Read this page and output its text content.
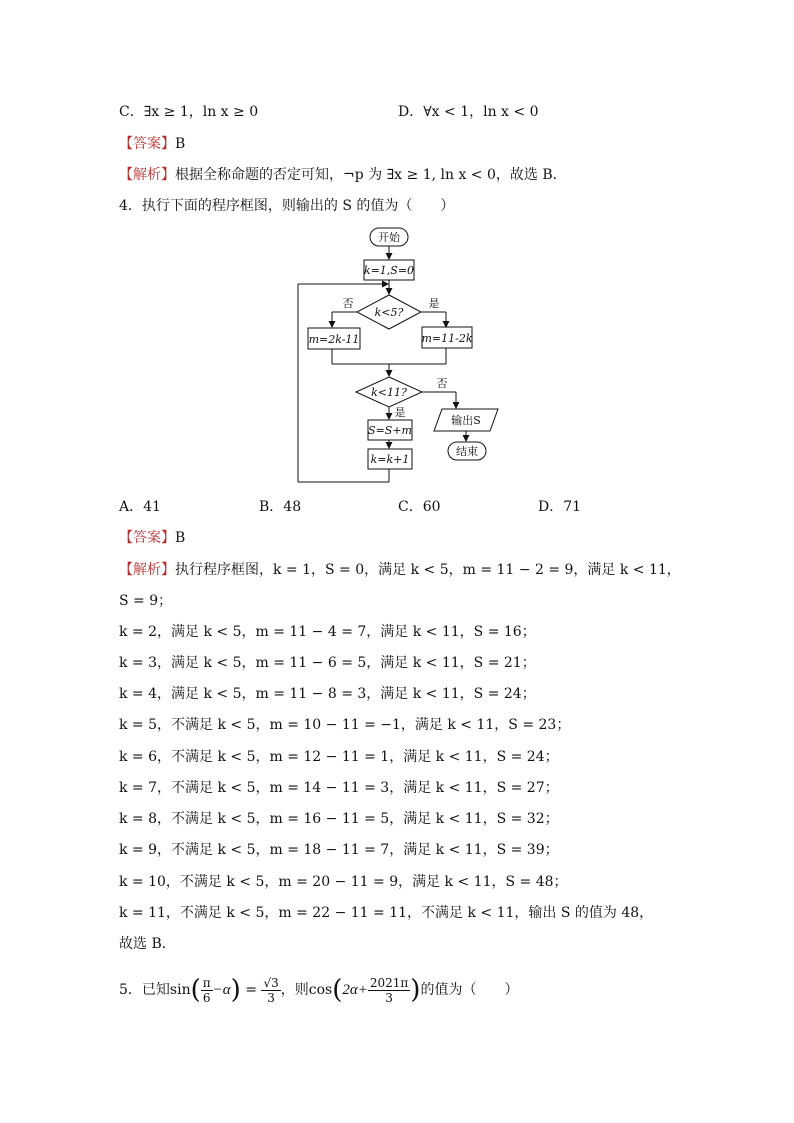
C．∃x ≥ 1，ln x ≥ 0	D．∀x < 1，ln x < 0
【答案】B
【解析】根据全称命题的否定可知，¬p 为 ∃x ≥ 1, ln x < 0，故选 B．
4．执行下面的程序框图，则输出的 S 的值为（　　）
开始
k=1,S=0
k<5?
否	是
m=2k-11	m=11-2k
k<11?
否
是
S=S+m
k=k+1
输出S
结束
A．41	B．48	C．60	D．71
【答案】B
【解析】执行程序框图，k = 1，S = 0，满足 k < 5，m = 11 − 2 = 9，满足 k < 11，
S = 9；
k = 2，满足 k < 5，m = 11 − 4 = 7，满足 k < 11，S = 16；
k = 3，满足 k < 5，m = 11 − 6 = 5，满足 k < 11，S = 21；
k = 4，满足 k < 5，m = 11 − 8 = 3，满足 k < 11，S = 24；
k = 5，不满足 k < 5，m = 10 − 11 = −1，满足 k < 11，S = 23；
k = 6，不满足 k < 5，m = 12 − 11 = 1，满足 k < 11，S = 24；
k = 7，不满足 k < 5，m = 14 − 11 = 3，满足 k < 11，S = 27；
k = 8，不满足 k < 5，m = 16 − 11 = 5，满足 k < 11，S = 32；
k = 9，不满足 k < 5，m = 18 − 11 = 7，满足 k < 11，S = 39；
k = 10，不满足 k < 5，m = 20 − 11 = 9，满足 k < 11，S = 48；
k = 11，不满足 k < 5，m = 22 − 11 = 11，不满足 k < 11，输出 S 的值为 48，
故选 B．
5．已知$\sin( \frac{\pi}{6} -\alpha) = \frac{√3}{3}$ ，则$\cos(2\alpha+ \frac{2021\pi}{3}$ )的值为（　　）
